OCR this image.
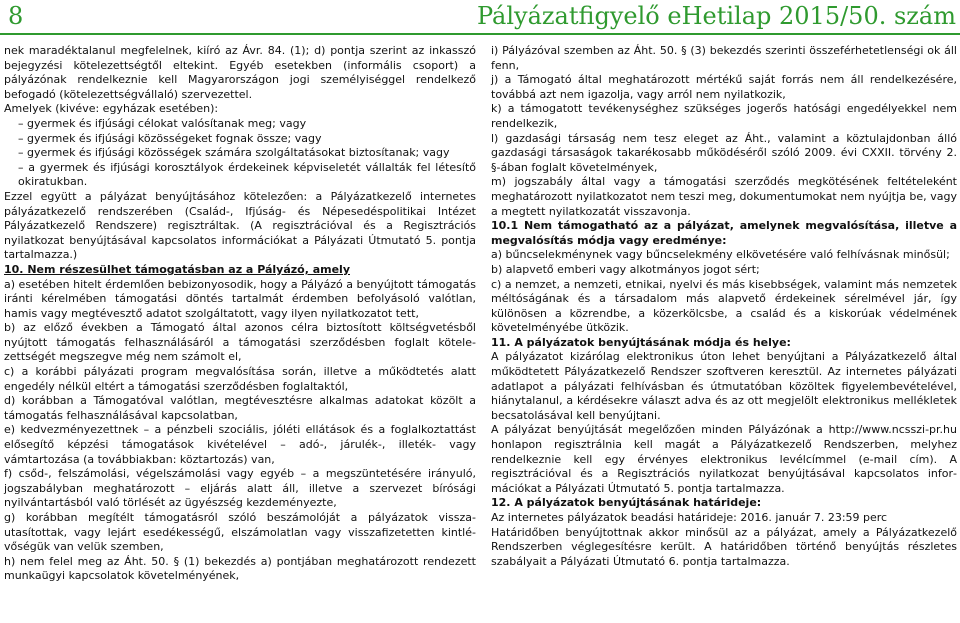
8	Pályázatfigyelő eHetilap 2015/50. szám

nek maradéktalanul megfelelnek, kiíró az Ávr. 84. (1); d) pontja szerint az inkasszó bejegyzési kötelezettségtől eltekint. Egyéb esetekben (informális csoport) a pályázónak rendelkeznie kell Magyarországon jogi személyiséggel rendelkező befogadó (kötelezettségvállaló) szervezettel.

Amelyek (kivéve: egyházak esetében):

– gyermek és ifjúsági célokat valósítanak meg; vagy

– gyermek és ifjúsági közösségeket fognak össze; vagy

– gyermek és ifjúsági közösségek számára szolgáltatásokat biztosítanak; vagy

– a gyermek és ifjúsági korosztályok érdekeinek képviseletét vállalták fel létesítő okiratukban.

Ezzel együtt a pályázat benyújtásához kötelezően: a Pályázatkezelő internetes pályázatkezelő rendszerében (Család-, Ifjúság- és Népesedéspolitikai Intézet Pályázatkezelő Rendszere) regisztráltak. (A regisztrációval és a Regisztrációs nyilatkozat benyújtásával kapcsolatos információkat a Pályázati Útmutató 5. pontja tartalmazza.)

10. Nem részesülhet támogatásban az a Pályázó, amely

a) esetében hitelt érdemlően bebizonyosodik, hogy a Pályázó a benyújtott támogatás iránti kérelmében támogatási döntés tartalmát érdemben befolyásoló valótlan, hamis vagy megtévesztő adatot szolgáltatott, vagy ilyen nyilatkozatot tett,

b) az előző években a Támogató által azonos célra biztosított költségvetésből nyújtott támogatás felhasználásáról a támogatási szerződésben foglalt kötelezettségét megszegve még nem számolt el,

c) a korábbi pályázati program megvalósítása során, illetve a működtetés alatt engedély nélkül eltért a támogatási szerződésben foglaltaktól,

d) korábban a Támogatóval valótlan, megtévesztésre alkalmas adatokat közölt a támogatás felhasználásával kapcsolatban,

e) kedvezményezettnek – a pénzbeli szociális, jóléti ellátások és a foglalkoztattást elősegítő képzési támogatások kivételével – adó-, járulék-, illeték- vagy vámtartozása (a továbbiakban: köztartozás) van,

f) csőd-, felszámolási, végelszámolási vagy egyéb – a megszüntetésére irányuló, jogszabályban meghatározott – eljárás alatt áll, illetve a szervezet bírósági nyilvántartásból való törlését az ügyészség kezdeményezte,

g) korábban megítélt támogatásról szóló beszámolóját a pályázatok visszautasítottak, vagy lejárt esedékességű, elszámolatlan vagy visszafizetetten kintlévőségük van velük szemben,

h) nem felel meg az Áht. 50. § (1) bekezdés a) pontjában meghatározott rendezett munkaügyi kapcsolatok követelményének,

i) Pályázóval szemben az Áht. 50. § (3) bekezdés szerinti összeférhetetlenségi ok áll fenn,

j) a Támogató által meghatározott mértékű saját forrás nem áll rendelkezésére, továbbá azt nem igazolja, vagy arról nem nyilatkozik,

k) a támogatott tevékenységhez szükséges jogerős hatósági engedélyekkel nem rendelkezik,

l) gazdasági társaság nem tesz eleget az Áht., valamint a köztulajdonban álló gazdasági társaságok takarékosabb működéséről szóló 2009. évi CXXII. törvény 2. §-ában foglalt követelmények,

m) jogszabály által vagy a támogatási szerződés megkötésének feltételeként meghatározott nyilatkozatot nem teszi meg, dokumentumokat nem nyújtja be, vagy a megtett nyilatkozatát visszavonja.

10.1 Nem támogatható az a pályázat, amelynek megvalósítása, illetve a megvalósítás módja vagy eredménye:

a) bűncselekménynek vagy bűncselekmény elkövetésére való felhívásnak minősül;

b) alapvető emberi vagy alkotmányos jogot sért;

c) a nemzet, a nemzeti, etnikai, nyelvi és más kisebbségek, valamint más nemzetek méltóságának és a társadalom más alapvető érdekeinek sérelmével jár, így különösen a közrendbe, a közerkölcsbe, a család és a kiskorúak védelmének követelményébe ütközik.

11. A pályázatok benyújtásának módja és helye:

A pályázatot kizárólag elektronikus úton lehet benyújtani a Pályázatkezelő által működtetett Pályázatkezelő Rendszer szoftveren keresztül. Az internetes pályázati adatlapot a pályázati felhívásban és útmutatóban közöltek figyelembevételével, hiánytalanul, a kérdésekre választ adva és az ott megjelölt elektronikus mellékletek becsatolásával kell benyújtani.

A pályázat benyújtását megelőzően minden Pályázónak a http://www.ncsszi-pr.hu honlapon regisztrálnia kell magát a Pályázatkezelő Rendszerben, melyhez rendelkeznie kell egy érvényes elektronikus levélcímmel (e-mail cím). A regisztrációval és a Regisztrációs nyilatkozat benyújtásával kapcsolatos információkat a Pályázati Útmutató 5. pontja tartalmazza.

12. A pályázatok benyújtásának határideje:

Az internetes pályázatok beadási határideje: 2016. január 7. 23:59 perc

Határidőben benyújtottnak akkor minősül az a pályázat, amely a Pályázatkezelő Rendszerben véglegesítésre került. A határidőben történő benyújtás részletes szabályait a Pályázati Útmutató 6. pontja tartalmazza.
